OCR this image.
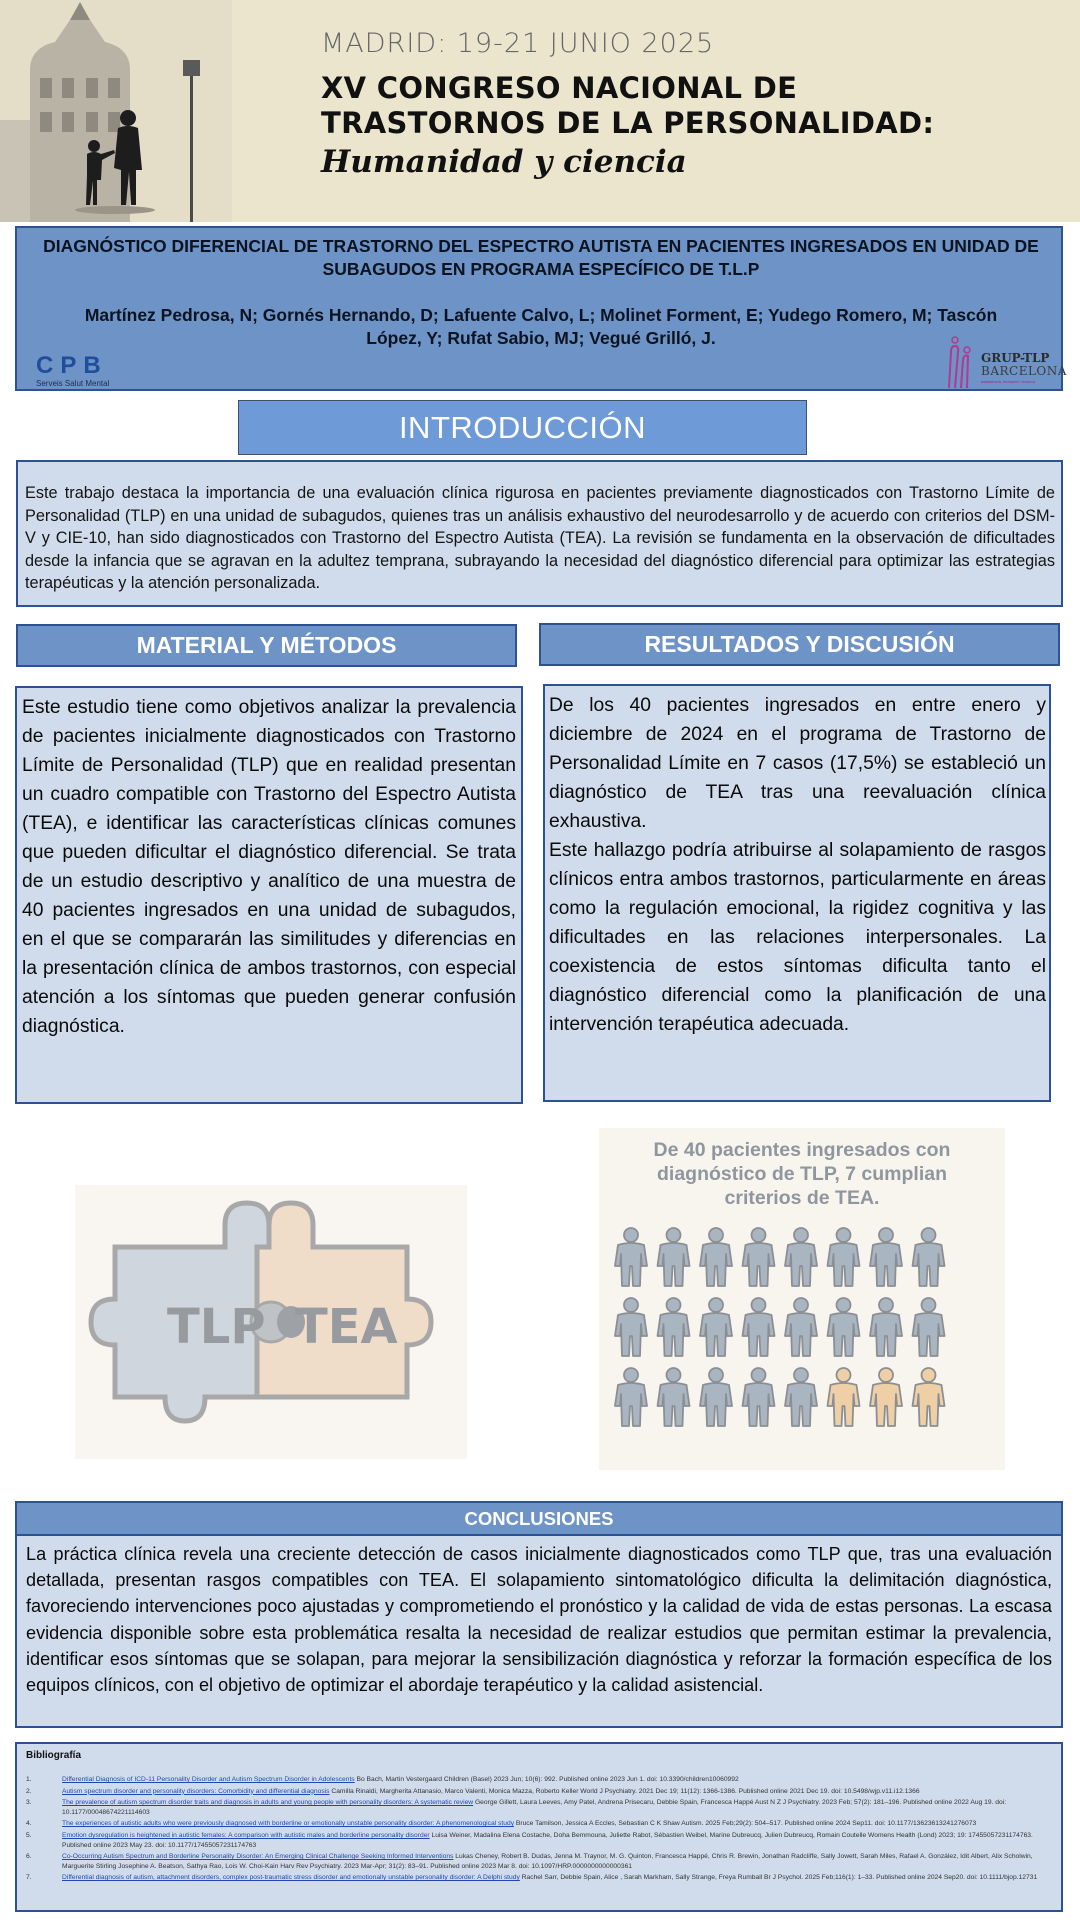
MADRID: 19-21 JUNIO 2025
XV CONGRESO NACIONAL DE
TRASTORNOS DE LA PERSONALIDAD:
Humanidad y ciencia
DIAGNÓSTICO DIFERENCIAL DE TRASTORNO DEL ESPECTRO AUTISTA EN PACIENTES INGRESADOS EN UNIDAD DE SUBAGUDOS EN PROGRAMA ESPECÍFICO DE T.L.P
Martínez Pedrosa, N; Gornés Hernando, D; Lafuente Calvo, L; Molinet Forment, E; Yudego Romero, M; Tascón López, Y; Rufat Sabio, MJ; Vegué Grilló, J.
CPB
Serveis Salut Mental
GRUP-TLP
BARCELONA
assistència, formació i recerca
INTRODUCCIÓN

Este trabajo destaca la importancia de una evaluación clínica rigurosa en pacientes previamente diagnosticados con Trastorno Límite de Personalidad (TLP) en una unidad de subagudos, quienes tras un análisis exhaustivo del neurodesarrollo y de acuerdo con criterios del DSM-V y CIE-10, han sido diagnosticados con Trastorno del Espectro Autista (TEA). La revisión se fundamenta en la observación de dificultades desde la infancia que se agravan en la adultez temprana, subrayando la necesidad del diagnóstico diferencial para optimizar las estrategias terapéuticas y la atención personalizada.

MATERIAL Y MÉTODOS	RESULTADOS Y DISCUSIÓN

Este estudio tiene como objetivos analizar la prevalencia de pacientes inicialmente diagnosticados con Trastorno Límite de Personalidad (TLP) que en realidad presentan un cuadro compatible con Trastorno del Espectro Autista (TEA), e identificar las características clínicas comunes que pueden dificultar el diagnóstico diferencial. Se trata de un estudio descriptivo y analítico de una muestra de 40 pacientes ingresados en una unidad de subagudos, en el que se compararán las similitudes y diferencias en la presentación clínica de ambos trastornos, con especial atención a los síntomas que pueden generar confusión diagnóstica.

De los 40 pacientes ingresados en entre enero y diciembre de 2024 en el programa de Trastorno de Personalidad Límite en 7 casos (17,5%) se estableció un diagnóstico de TEA tras una reevaluación clínica exhaustiva.

Este hallazgo podría atribuirse al solapamiento de rasgos clínicos entra ambos trastornos, particularmente en áreas como la regulación emocional, la rigidez cognitiva y las dificultades en las relaciones interpersonales. La coexistencia de estos síntomas dificulta tanto el diagnóstico diferencial como la planificación de una intervención terapéutica adecuada.

TLP TEA
De 40 pacientes ingresados con diagnóstico de TLP, 7 cumplian criterios de TEA.
CONCLUSIONES

La práctica clínica revela una creciente detección de casos inicialmente diagnosticados como TLP que, tras una evaluación detallada, presentan rasgos compatibles con TEA. El solapamiento sintomatológico dificulta la delimitación diagnóstica, favoreciendo intervenciones poco ajustadas y comprometiendo el pronóstico y la calidad de vida de estas personas. La escasa evidencia disponible sobre esta problemática resalta la necesidad de realizar estudios que permitan estimar la prevalencia, identificar esos síntomas que se solapan, para mejorar la sensibilización diagnóstica y reforzar la formación específica de los equipos clínicos, con el objetivo de optimizar el abordaje terapéutico y la calidad asistencial.

Bibliografía
1.	Differential Diagnosis of ICD-11 Personality Disorder and Autism Spectrum Disorder in Adolescents Bo Bach, Martin Vestergaard Children (Basel) 2023 Jun; 10(6): 992. Published online 2023 Jun 1. doi: 10.3390/children10060992
2.	Autism spectrum disorder and personality disorders: Comorbidity and differential diagnosis Camilla Rinaldi, Margherita Attanasio, Marco Valenti, Monica Mazza, Roberto Keller World J Psychiatry. 2021 Dec 19; 11(12): 1366-1386. Published online 2021 Dec 19. doi: 10.5498/wjp.v11.i12.1366
3.	The prevalence of autism spectrum disorder traits and diagnosis in adults and young people with personality disorders: A systematic review George Gillett, Laura Leeves, Amy Patel, Andrena Prisecaru, Debbie Spain, Francesca Happé Aust N Z J Psychiatry. 2023 Feb; 57(2): 181–196. Published online 2022 Aug 19. doi: 10.1177/00048674221114603
4.	The experiences of autistic adults who were previously diagnosed with borderline or emotionally unstable personality disorder: A phenomenological study Bruce Tamilson, Jessica A Eccles, Sebastian C K Shaw Autism. 2025 Feb;29(2): 504–517. Published online 2024 Sep11. doi: 10.1177/13623613241276073
5.	Emotion dysregulation is heightened in autistic females: A comparison with autistic males and borderline personality disorder Luisa Weiner, Madalina Elena Costache, Doha Bemmouna, Juliette Rabot, Sébastien Weibel, Marine Dubreucq, Julien Dubreucq, Romain Coutelle Womens Health (Lond) 2023; 19: 17455057231174763. Published online 2023 May 23. doi: 10.1177/17455057231174763
6.	Co-Occurring Autism Spectrum and Borderline Personality Disorder: An Emerging Clinical Challenge Seeking Informed Interventions Lukas Cheney, Robert B. Dudas, Jenna M. Traynor, M. G. Quinton, Francesca Happé, Chris R. Brewin, Jonathan Radcliffe, Sally Jowett, Sarah Miles, Rafael A. González, Idit Albert, Alix Scholwin, Marguerite Stirling Josephine A. Beatson, Sathya Rao, Lois W. Choi-Kain Harv Rev Psychiatry. 2023 Mar-Apr; 31(2): 83–91. Published online 2023 Mar 8. doi: 10.1097/HRP.0000000000000361
7.	Differential diagnosis of autism, attachment disorders, complex post-traumatic stress disorder and emotionally unstable personality disorder: A Delphi study Rachel Sarr, Debbie Spain, Alice , Sarah Markham, Sally Strange, Freya Rumball Br J Psychol. 2025 Feb;116(1): 1–33. Published online 2024 Sep20. doi: 10.1111/bjop.12731
